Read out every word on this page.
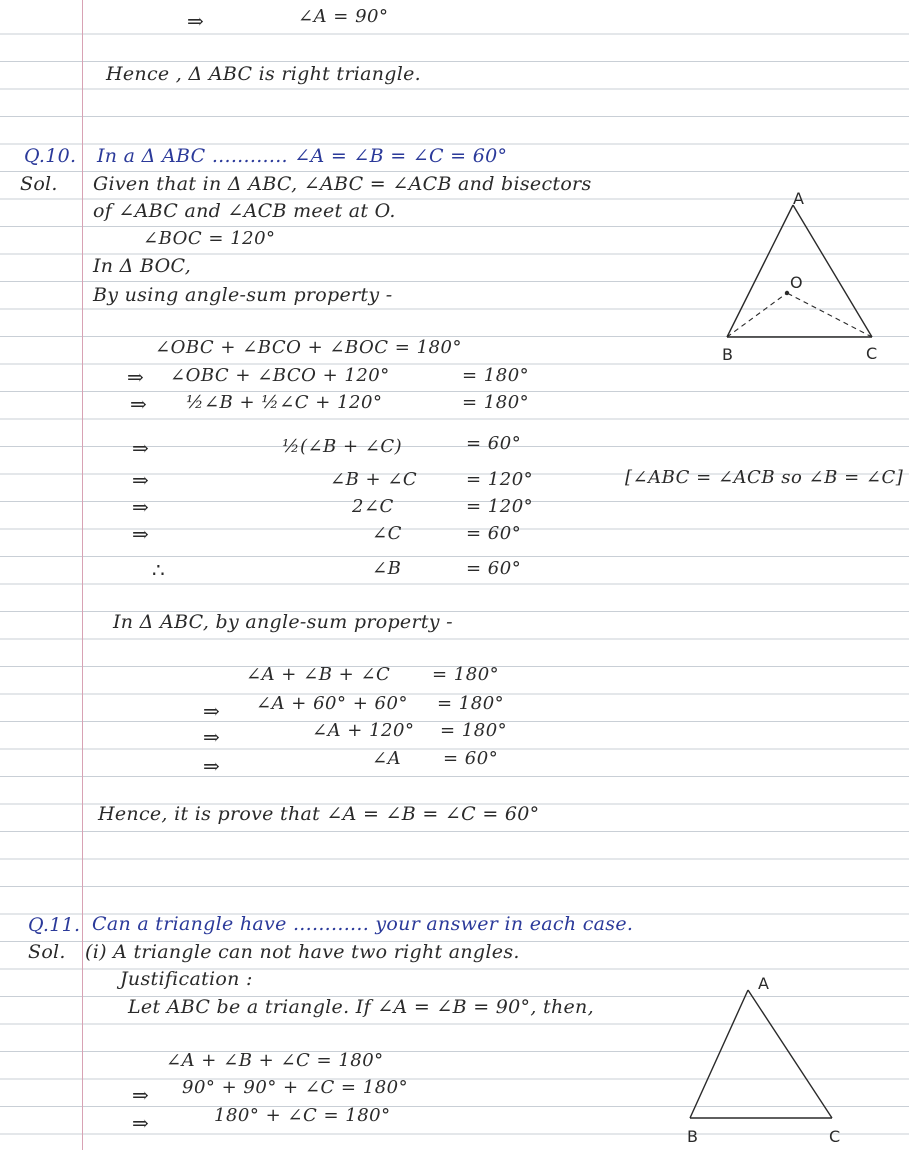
⇒	∠A = 90°
Hence , Δ ABC is right triangle.
Q.10. In a Δ ABC ............ ∠A = ∠B = ∠C = 60°
Sol. Given that in Δ ABC, ∠ABC = ∠ACB and bisectors
of ∠ABC and ∠ACB meet at O.
∠BOC = 120°
In Δ BOC,
By using angle-sum property -
∠OBC + ∠BCO + ∠BOC = 180°
⇒ ∠OBC + ∠BCO + 120°	= 180°
⇒ ½∠B + ½∠C + 120°	= 180°
⇒	½(∠B + ∠C)	= 60°
⇒	∠B + ∠C	= 120°	[∠ABC = ∠ACB so ∠B = ∠C]
⇒	2∠C	= 120°
⇒	∠C	= 60°
∴	∠B	= 60°
In Δ ABC, by angle-sum property -
∠A + ∠B + ∠C = 180°
⇒ ∠A + 60° + 60° = 180°
⇒	∠A + 120° = 180°
⇒	∠A = 60°
Hence, it is prove that ∠A = ∠B = ∠C = 60°
A
O
B	C
A
B	C
Q.11. Can a triangle have ............ your answer in each case.
Sol. (i) A triangle can not have two right angles.
Justification :
Let ABC be a triangle. If ∠A = ∠B = 90°, then,
∠A + ∠B + ∠C = 180°
⇒ 90° + 90° + ∠C = 180°
⇒	180° + ∠C = 180°
